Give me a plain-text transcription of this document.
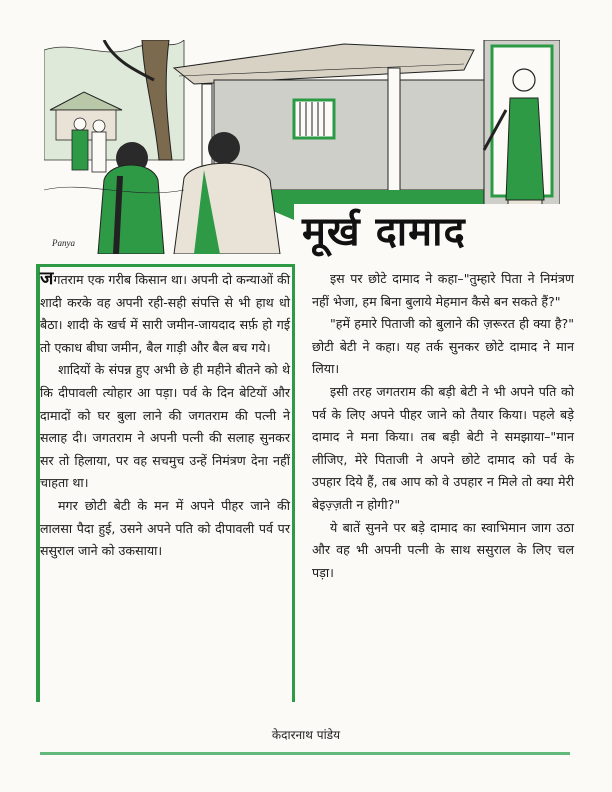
Panya	मूर्ख दामाद

जगतराम एक गरीब किसान था। अपनी दो कन्याओं की शादी करके वह अपनी रही-सही संपत्ति से भी हाथ धो बैठा। शादी के खर्च में सारी जमीन-जायदाद सर्फ़ हो गई तो एकाध बीघा जमीन, बैल गाड़ी और बैल बच गये।

शादियों के संपन्न हुए अभी छे ही महीने बीतने को थे कि दीपावली त्योहार आ पड़ा। पर्व के दिन बेटियों और दामादों को घर बुला लाने की जगतराम की पत्नी ने सलाह दी। जगतराम ने अपनी पत्नी की सलाह सुनकर सर तो हिलाया, पर वह सचमुच उन्हें निमंत्रण देना नहीं चाहता था।

मगर छोटी बेटी के मन में अपने पीहर जाने की लालसा पैदा हुई, उसने अपने पति को दीपावली पर्व पर ससुराल जाने को उकसाया।

इस पर छोटे दामाद ने कहा–"तुम्हारे पिता ने निमंत्रण नहीं भेजा, हम बिना बुलाये मेहमान कैसे बन सकते हैं?"

"हमें हमारे पिताजी को बुलाने की ज़रूरत ही क्या है?" छोटी बेटी ने कहा। यह तर्क सुनकर छोटे दामाद ने मान लिया।

इसी तरह जगतराम की बड़ी बेटी ने भी अपने पति को पर्व के लिए अपने पीहर जाने को तैयार किया। पहले बड़े दामाद ने मना किया। तब बड़ी बेटी ने समझाया–"मान लीजिए, मेरे पिताजी ने अपने छोटे दामाद को पर्व के उपहार दिये हैं, तब आप को वे उपहार न मिले तो क्या मेरी बेइज़्ज़ती न होगी?"

ये बातें सुनने पर बड़े दामाद का स्वाभिमान जाग उठा और वह भी अपनी पत्नी के साथ ससुराल के लिए चल पड़ा।

केदारनाथ पांडेय
